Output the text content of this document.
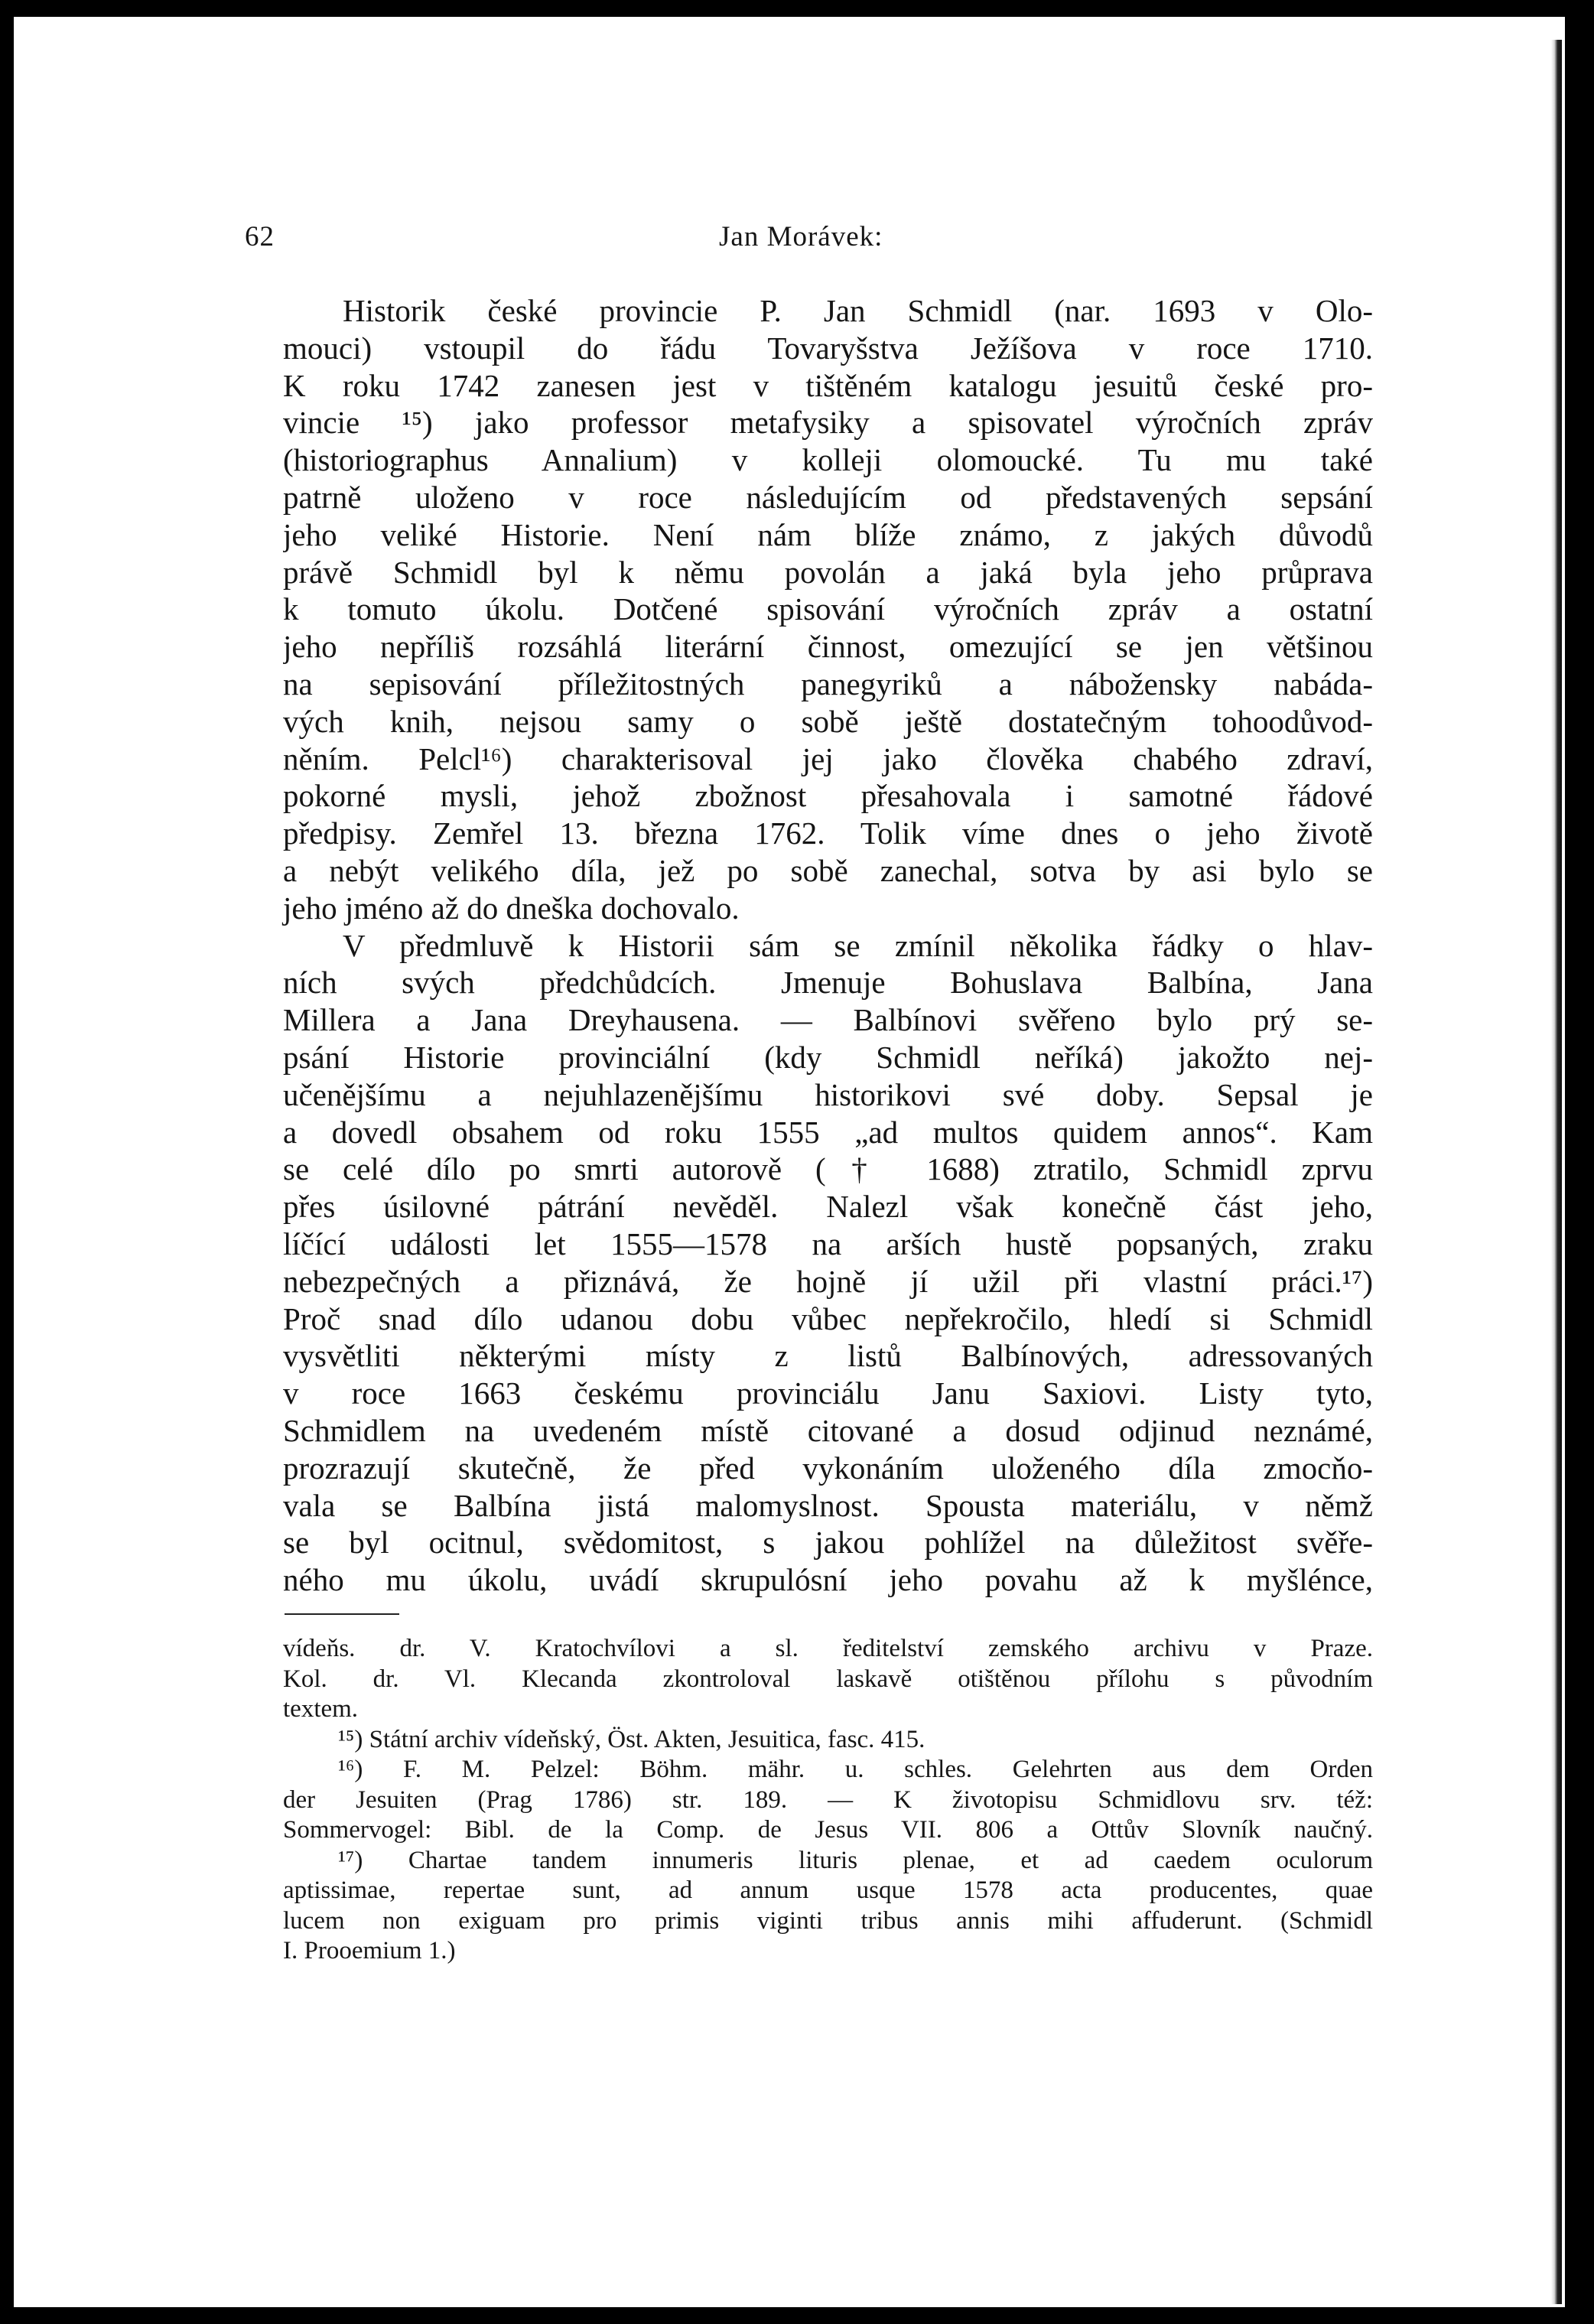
62	Jan Morávek:
Historik české provincie P. Jan Schmidl (nar. 1693 v Olo-
mouci) vstoupil do řádu Tovaryšstva Ježíšova v roce 1710.
K roku 1742 zanesen jest v tištěném katalogu jesuitů české pro-
vincie ¹⁵) jako professor metafysiky a spisovatel výročních zpráv
(historiographus Annalium) v kolleji olomoucké. Tu mu také
patrně uloženo v roce následujícím od představených sepsání
jeho veliké Historie. Není nám blíže známo, z jakých důvodů
právě Schmidl byl k němu povolán a jaká byla jeho průprava
k tomuto úkolu. Dotčené spisování výročních zpráv a ostatní
jeho nepříliš rozsáhlá literární činnost, omezující se jen většinou
na sepisování příležitostných panegyriků a nábožensky nabáda-
vých knih, nejsou samy o sobě ještě dostatečným tohoodůvod-
něním. Pelcl¹⁶) charakterisoval jej jako člověka chabého zdraví,
pokorné mysli, jehož zbožnost přesahovala i samotné řádové
předpisy. Zemřel 13. března 1762. Tolik víme dnes o jeho životě
a nebýt velikého díla, jež po sobě zanechal, sotva by asi bylo se
jeho jméno až do dneška dochovalo.
V předmluvě k Historii sám se zmínil několika řádky o hlav-
ních svých předchůdcích. Jmenuje Bohuslava Balbína, Jana
Millera a Jana Dreyhausena. — Balbínovi svěřeno bylo prý se-
psání Historie provinciální (kdy Schmidl neříká) jakožto nej-
učenějšímu a nejuhlazenějšímu historikovi své doby. Sepsal je
a dovedl obsahem od roku 1555 „ad multos quidem annos“. Kam
se celé dílo po smrti autorově († 1688) ztratilo, Schmidl zprvu
přes úsilovné pátrání nevěděl. Nalezl však konečně část jeho,
líčící události let 1555—1578 na arších hustě popsaných, zraku
nebezpečných a přiznává, že hojně jí užil při vlastní práci.¹⁷)
Proč snad dílo udanou dobu vůbec nepřekročilo, hledí si Schmidl
vysvětliti některými místy z listů Balbínových, adressovaných
v roce 1663 českému provinciálu Janu Saxiovi. Listy tyto,
Schmidlem na uvedeném místě citované a dosud odjinud neznámé,
prozrazují skutečně, že před vykonáním uloženého díla zmocňo-
vala se Balbína jistá malomyslnost. Spousta materiálu, v němž
se byl ocitnul, svědomitost, s jakou pohlížel na důležitost svěře-
ného mu úkolu, uvádí skrupulósní jeho povahu až k myšlénce,
vídeňs. dr. V. Kratochvílovi a sl. ředitelství zemského archivu v Praze.
Kol. dr. Vl. Klecanda zkontroloval laskavě otištěnou přílohu s původním
textem.
¹⁵) Státní archiv vídeňský, Öst. Akten, Jesuitica, fasc. 415.
¹⁶) F. M. Pelzel: Böhm. mähr. u. schles. Gelehrten aus dem Orden
der Jesuiten (Prag 1786) str. 189. — K životopisu Schmidlovu srv. též:
Sommervogel: Bibl. de la Comp. de Jesus VII. 806 a Ottův Slovník naučný.
¹⁷) Chartae tandem innumeris lituris plenae, et ad caedem oculorum
aptissimae, repertae sunt, ad annum usque 1578 acta producentes, quae
lucem non exiguam pro primis viginti tribus annis mihi affuderunt. (Schmidl
I. Prooemium 1.)
